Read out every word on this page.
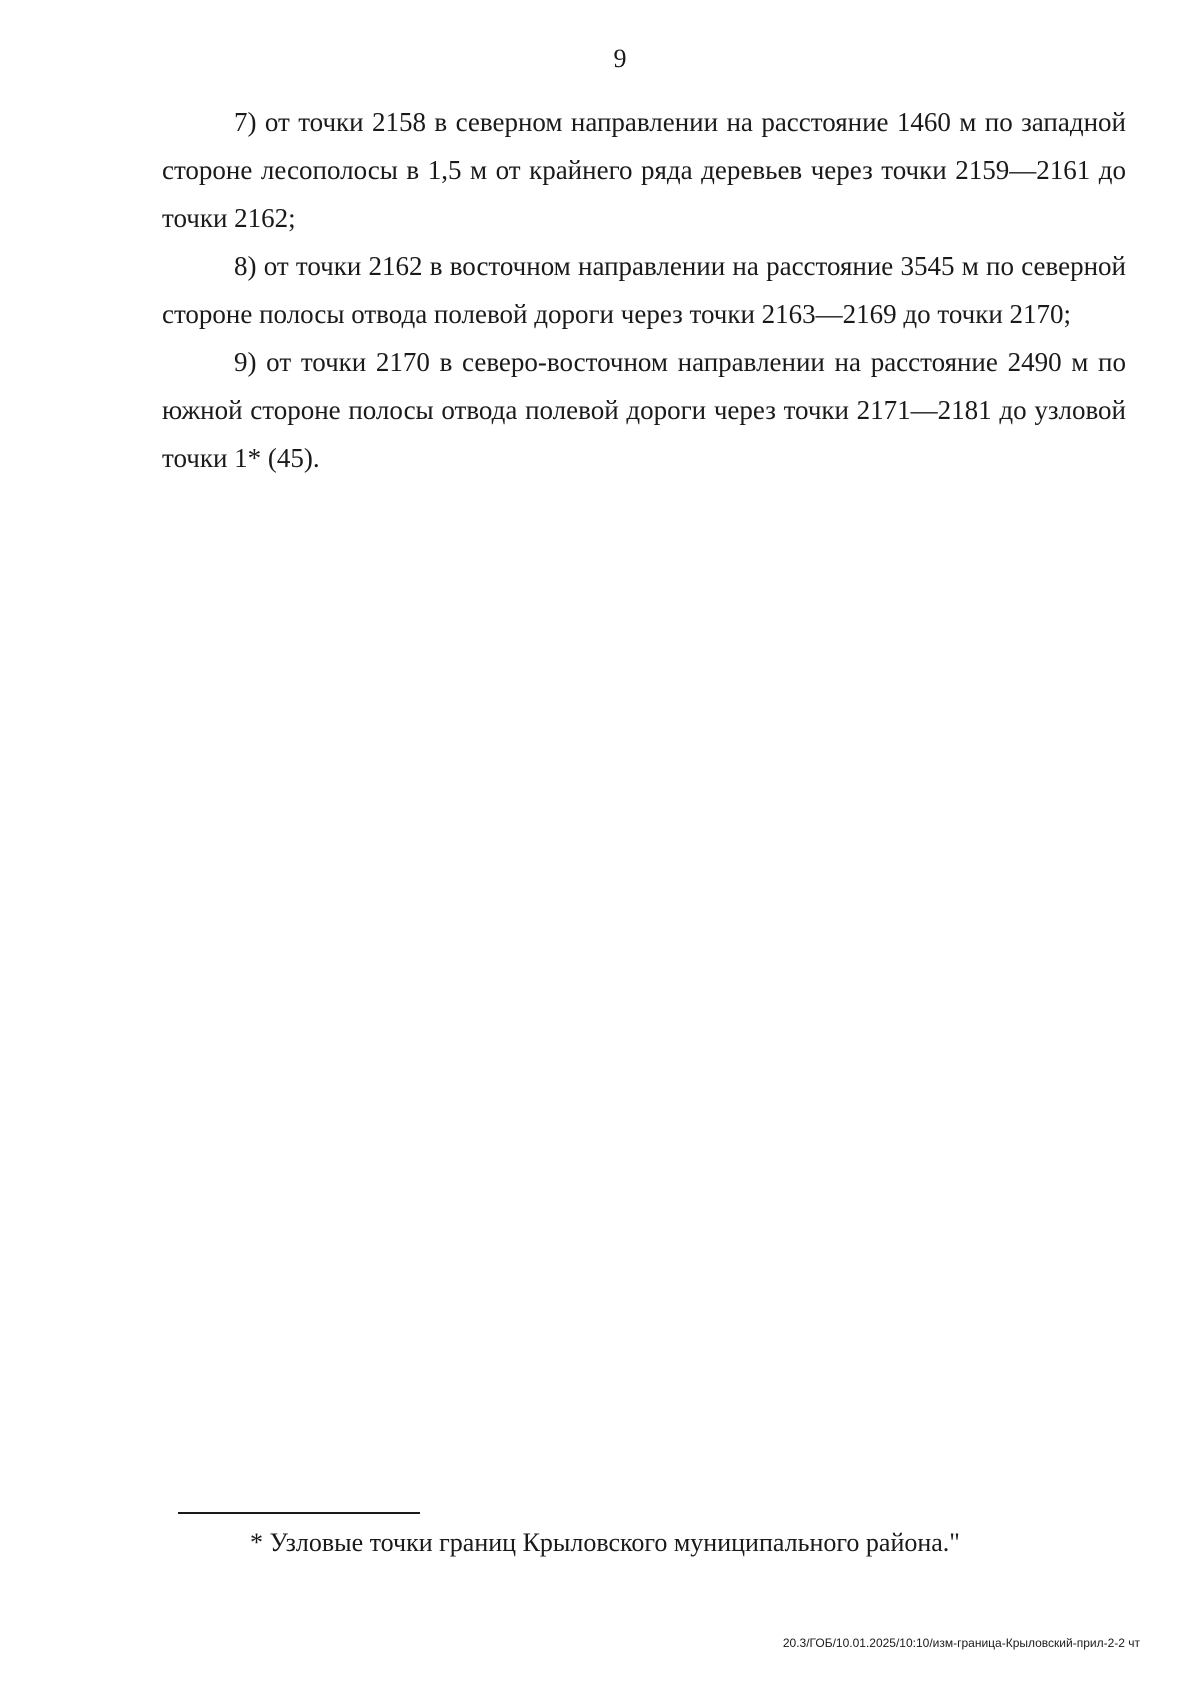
9

7) от точки 2158 в северном направлении на расстояние 1460 м по западной стороне лесополосы в 1,5 м от крайнего ряда деревьев через точки 2159—2161 до точки 2162;

8) от точки 2162 в восточном направлении на расстояние 3545 м по северной стороне полосы отвода полевой дороги через точки 2163—2169 до точки 2170;

9) от точки 2170 в северо-восточном направлении на расстояние 2490 м по южной стороне полосы отвода полевой дороги через точки 2171—2181 до узловой точки 1* (45).

* Узловые точки границ Крыловского муниципального района."
20.3/ГОБ/10.01.2025/10:10/изм-граница-Крыловский-прил-2-2 чт
